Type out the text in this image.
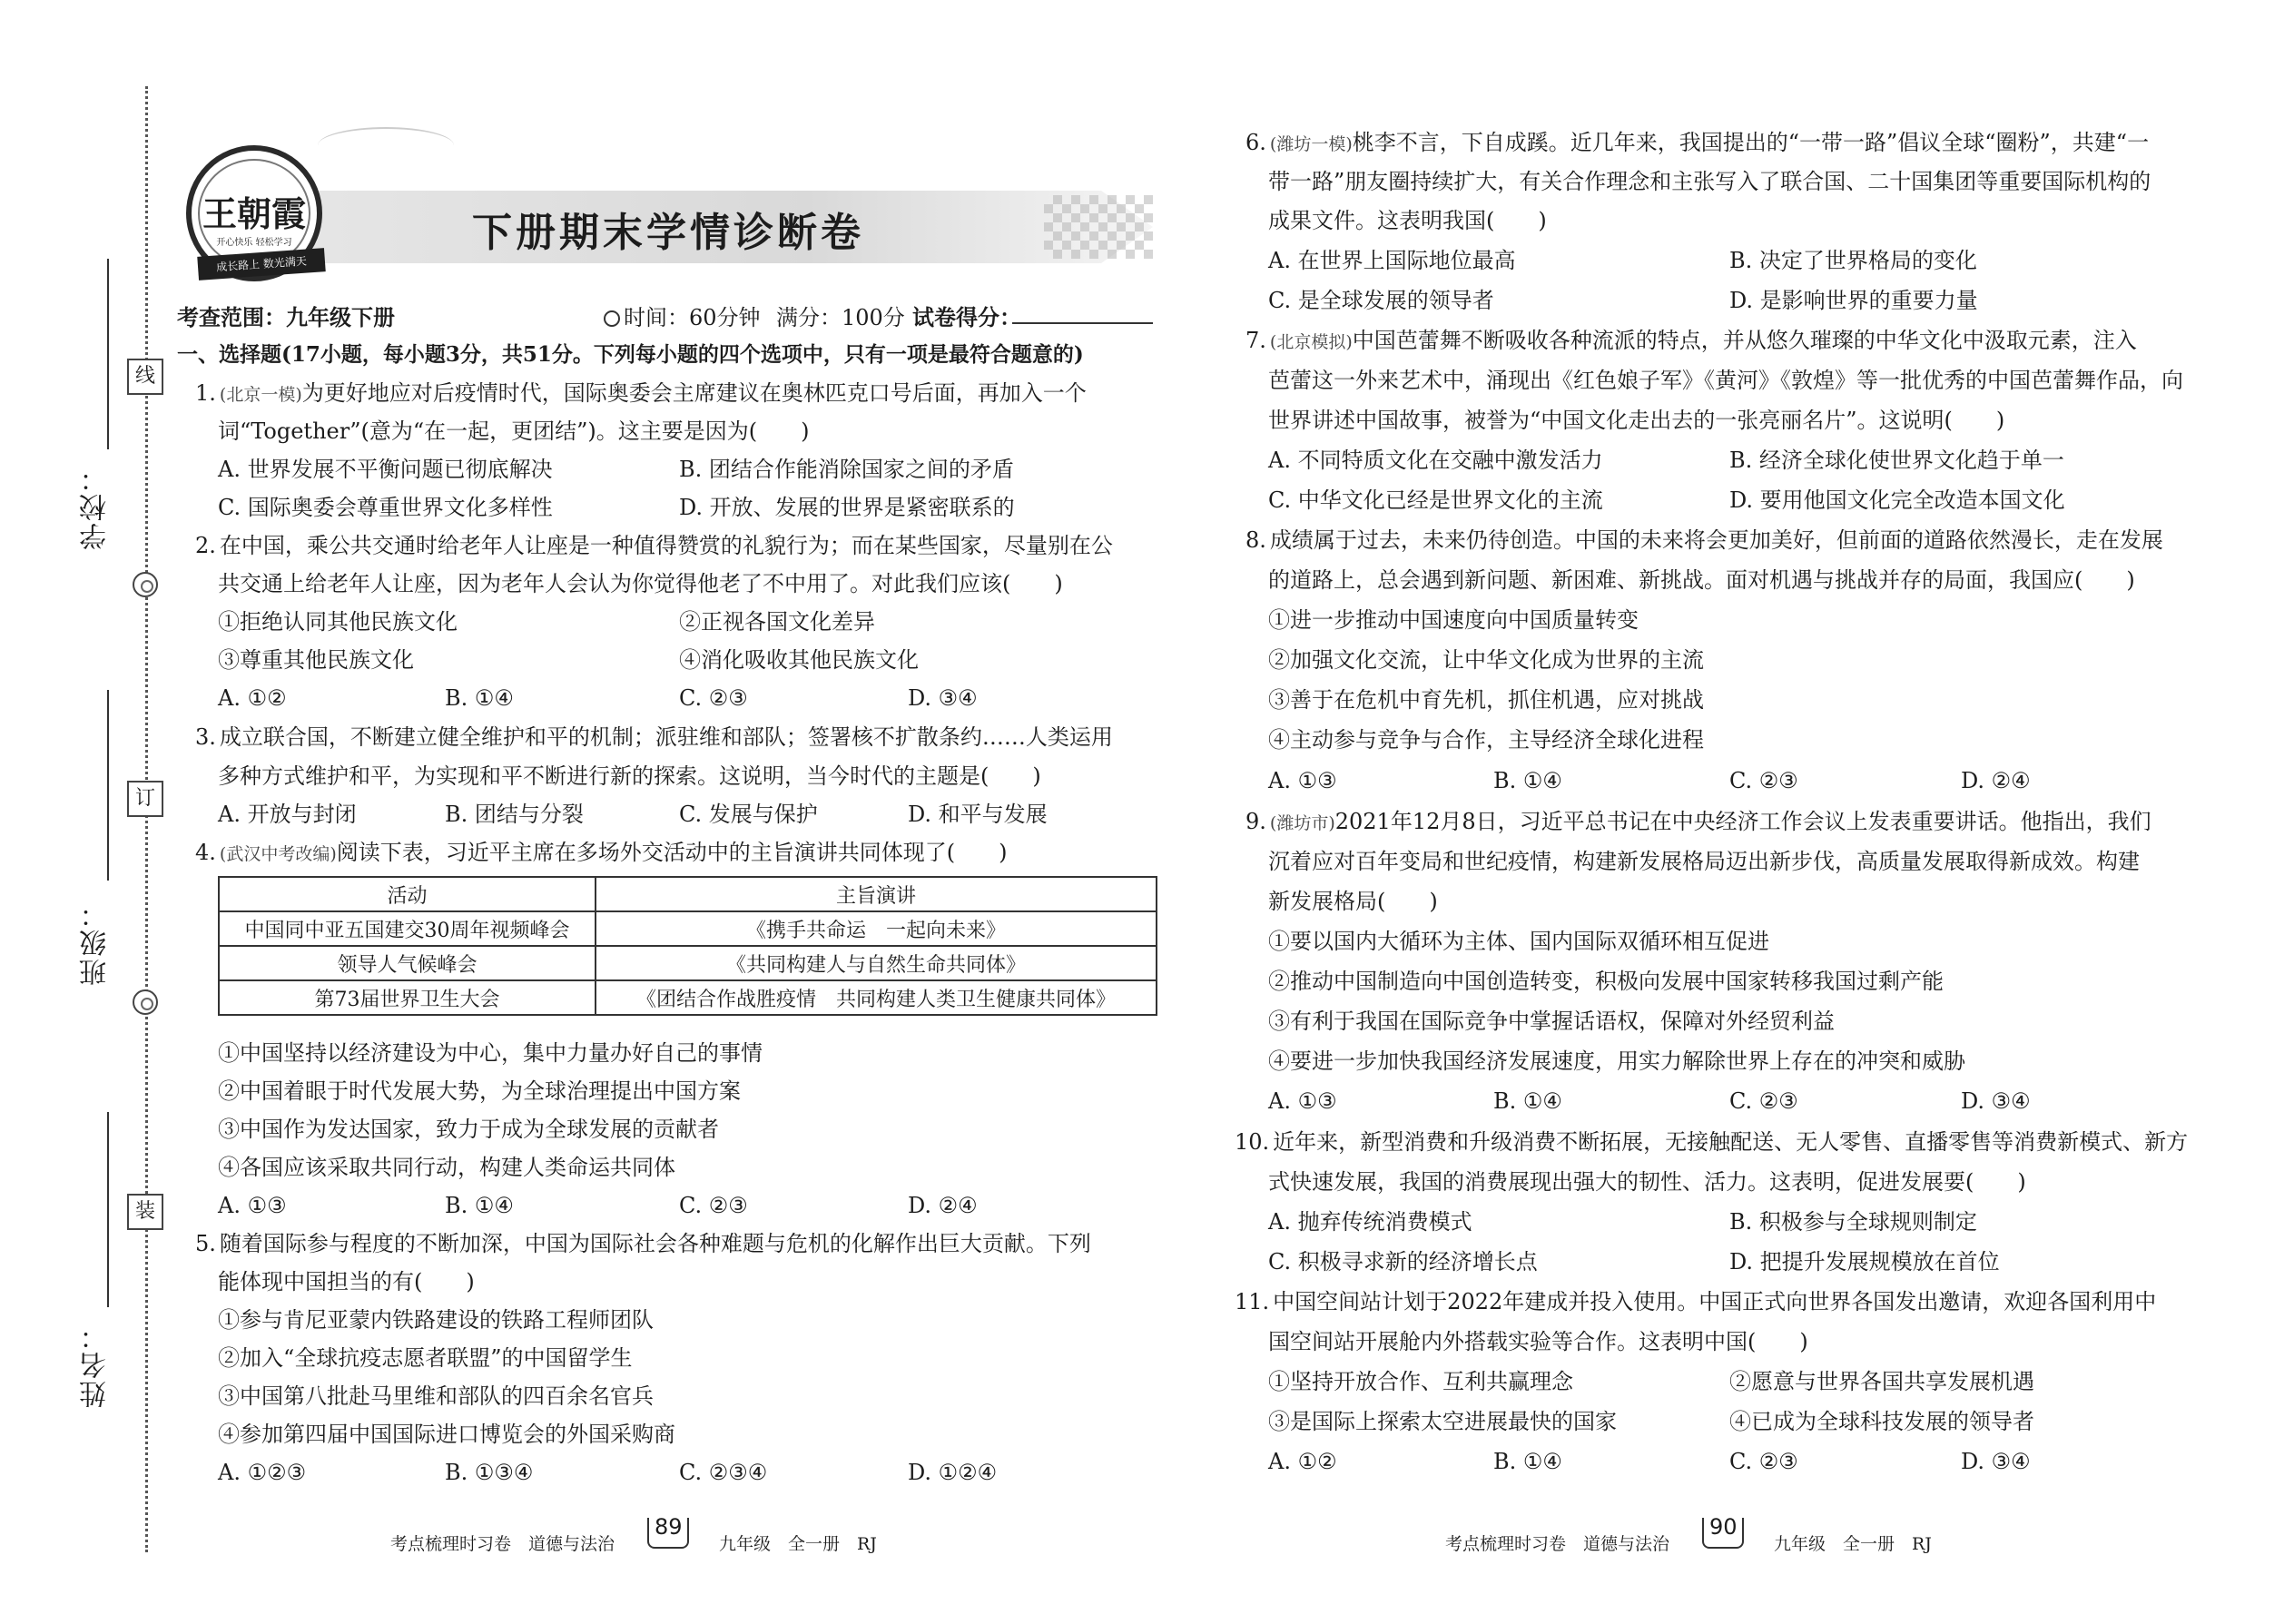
线
订
装
学校：
班级：
姓名：
下册期末学情诊断卷
王朝霞
开心快乐 轻松学习
成长路上 数光满天
考查范围：九年级下册	时间：60分钟 满分：100分 试卷得分：
一、选择题(17小题，每小题3分，共51分。下列每小题的四个选项中，只有一项是最符合题意的)
1. (北京一模)为更好地应对后疫情时代，国际奥委会主席建议在奥林匹克口号后面，再加入一个
词“Together”(意为“在一起，更团结”)。这主要是因为(　　)
A. 世界发展不平衡问题已彻底解决	B. 团结合作能消除国家之间的矛盾
C. 国际奥委会尊重世界文化多样性	D. 开放、发展的世界是紧密联系的
2. 在中国，乘公共交通时给老年人让座是一种值得赞赏的礼貌行为；而在某些国家，尽量别在公
共交通上给老年人让座，因为老年人会认为你觉得他老了不中用了。对此我们应该(　　)
①拒绝认同其他民族文化	②正视各国文化差异
③尊重其他民族文化	④消化吸收其他民族文化
A. ①②	B. ①④	C. ②③	D. ③④
3. 成立联合国，不断建立健全维护和平的机制；派驻维和部队；签署核不扩散条约……人类运用
多种方式维护和平，为实现和平不断进行新的探索。这说明，当今时代的主题是(　　)
A. 开放与封闭	B. 团结与分裂	C. 发展与保护	D. 和平与发展
4. (武汉中考改编)阅读下表，习近平主席在多场外交活动中的主旨演讲共同体现了(　　)
①中国坚持以经济建设为中心，集中力量办好自己的事情
②中国着眼于时代发展大势，为全球治理提出中国方案
③中国作为发达国家，致力于成为全球发展的贡献者
④各国应该采取共同行动，构建人类命运共同体
A. ①③	B. ①④	C. ②③	D. ②④
5. 随着国际参与程度的不断加深，中国为国际社会各种难题与危机的化解作出巨大贡献。下列
能体现中国担当的有(　　)
①参与肯尼亚蒙内铁路建设的铁路工程师团队
②加入“全球抗疫志愿者联盟”的中国留学生
③中国第八批赴马里维和部队的四百余名官兵
④参加第四届中国国际进口博览会的外国采购商
A. ①②③	B. ①③④	C. ②③④	D. ①②④
活动	主旨演讲
中国同中亚五国建交30周年视频峰会	《携手共命运　一起向未来》
领导人气候峰会	《共同构建人与自然生命共同体》
第73届世界卫生大会	《团结合作战胜疫情　共同构建人类卫生健康共同体》
6. (潍坊一模)桃李不言，下自成蹊。近几年来，我国提出的“一带一路”倡议全球“圈粉”，共建“一
带一路”朋友圈持续扩大，有关合作理念和主张写入了联合国、二十国集团等重要国际机构的
成果文件。这表明我国(　　)
A. 在世界上国际地位最高	B. 决定了世界格局的变化
C. 是全球发展的领导者	D. 是影响世界的重要力量
7. (北京模拟)中国芭蕾舞不断吸收各种流派的特点，并从悠久璀璨的中华文化中汲取元素，注入
芭蕾这一外来艺术中，涌现出《红色娘子军》《黄河》《敦煌》等一批优秀的中国芭蕾舞作品，向
世界讲述中国故事，被誉为“中国文化走出去的一张亮丽名片”。这说明(　　)
A. 不同特质文化在交融中激发活力	B. 经济全球化使世界文化趋于单一
C. 中华文化已经是世界文化的主流	D. 要用他国文化完全改造本国文化
8. 成绩属于过去，未来仍待创造。中国的未来将会更加美好，但前面的道路依然漫长，走在发展
的道路上，总会遇到新问题、新困难、新挑战。面对机遇与挑战并存的局面，我国应(　　)
①进一步推动中国速度向中国质量转变
②加强文化交流，让中华文化成为世界的主流
③善于在危机中育先机，抓住机遇，应对挑战
④主动参与竞争与合作，主导经济全球化进程
A. ①③	B. ①④	C. ②③	D. ②④
9. (潍坊市)2021年12月8日，习近平总书记在中央经济工作会议上发表重要讲话。他指出，我们
沉着应对百年变局和世纪疫情，构建新发展格局迈出新步伐，高质量发展取得新成效。构建
新发展格局(　　)
①要以国内大循环为主体、国内国际双循环相互促进
②推动中国制造向中国创造转变，积极向发展中国家转移我国过剩产能
③有利于我国在国际竞争中掌握话语权，保障对外经贸利益
④要进一步加快我国经济发展速度，用实力解除世界上存在的冲突和威胁
A. ①③	B. ①④	C. ②③	D. ③④
10. 近年来，新型消费和升级消费不断拓展，无接触配送、无人零售、直播零售等消费新模式、新方
式快速发展，我国的消费展现出强大的韧性、活力。这表明，促进发展要(　　)
A. 抛弃传统消费模式	B. 积极参与全球规则制定
C. 积极寻求新的经济增长点	D. 把提升发展规模放在首位
11. 中国空间站计划于2022年建成并投入使用。中国正式向世界各国发出邀请，欢迎各国利用中
国空间站开展舱内外搭载实验等合作。这表明中国(　　)
①坚持开放合作、互利共赢理念	②愿意与世界各国共享发展机遇
③是国际上探索太空进展最快的国家	④已成为全球科技发展的领导者
A. ①②	B. ①④	C. ②③	D. ③④
考点梳理时习卷　道德与法治
89
九年级　全一册　RJ	考点梳理时习卷　道德与法治
90
九年级　全一册　RJ
